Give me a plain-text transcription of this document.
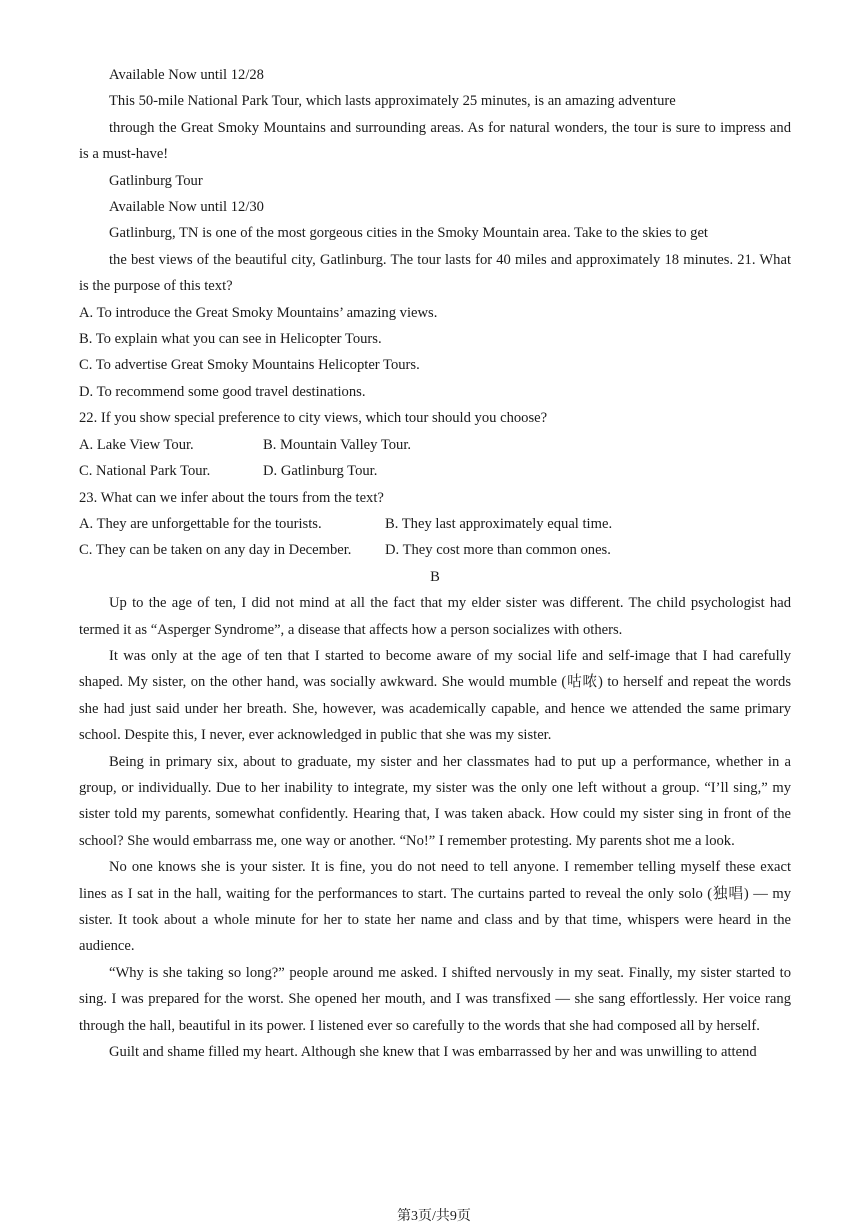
Available Now until 12/28

This 50-mile National Park Tour, which lasts approximately 25 minutes, is an amazing adventure

through the Great Smoky Mountains and surrounding areas. As for natural wonders, the tour is sure to impress and is a must-have!

Gatlinburg Tour

Available Now until 12/30

Gatlinburg, TN is one of the most gorgeous cities in the Smoky Mountain area. Take to the skies to get

the best views of the beautiful city, Gatlinburg. The tour lasts for 40 miles and approximately 18 minutes. 21. What is the purpose of this text?

A. To introduce the Great Smoky Mountains’ amazing views.

B. To explain what you can see in Helicopter Tours.

C. To advertise Great Smoky Mountains Helicopter Tours.

D. To recommend some good travel destinations.

22. If you show special preference to city views, which tour should you choose?

A. Lake View Tour.	B. Mountain Valley Tour.
C. National Park Tour.	D. Gatlinburg Tour.

23. What can we infer about the tours from the text?

A. They are unforgettable for the tourists.	B. They last approximately equal time.
C. They can be taken on any day in December.	D. They cost more than common ones.

B

Up to the age of ten, I did not mind at all the fact that my elder sister was different. The child psychologist had termed it as “Asperger Syndrome”, a disease that affects how a person socializes with others.

It was only at the age of ten that I started to become aware of my social life and self-image that I had carefully shaped. My sister, on the other hand, was socially awkward. She would mumble (咕哝) to herself and repeat the words she had just said under her breath. She, however, was academically capable, and hence we attended the same primary school. Despite this, I never, ever acknowledged in public that she was my sister.

Being in primary six, about to graduate, my sister and her classmates had to put up a performance, whether in a group, or individually. Due to her inability to integrate, my sister was the only one left without a group. “I’ll sing,” my sister told my parents, somewhat confidently. Hearing that, I was taken aback. How could my sister sing in front of the school? She would embarrass me, one way or another. “No!” I remember protesting. My parents shot me a look.

No one knows she is your sister. It is fine, you do not need to tell anyone. I remember telling myself these exact lines as I sat in the hall, waiting for the performances to start. The curtains parted to reveal the only solo (独唱) — my sister. It took about a whole minute for her to state her name and class and by that time, whispers were heard in the audience.

“Why is she taking so long?” people around me asked. I shifted nervously in my seat. Finally, my sister started to sing. I was prepared for the worst. She opened her mouth, and I was transfixed — she sang effortlessly. Her voice rang through the hall, beautiful in its power. I listened ever so carefully to the words that she had composed all by herself.

Guilt and shame filled my heart. Although she knew that I was embarrassed by her and was unwilling to attend

第3页/共9页
